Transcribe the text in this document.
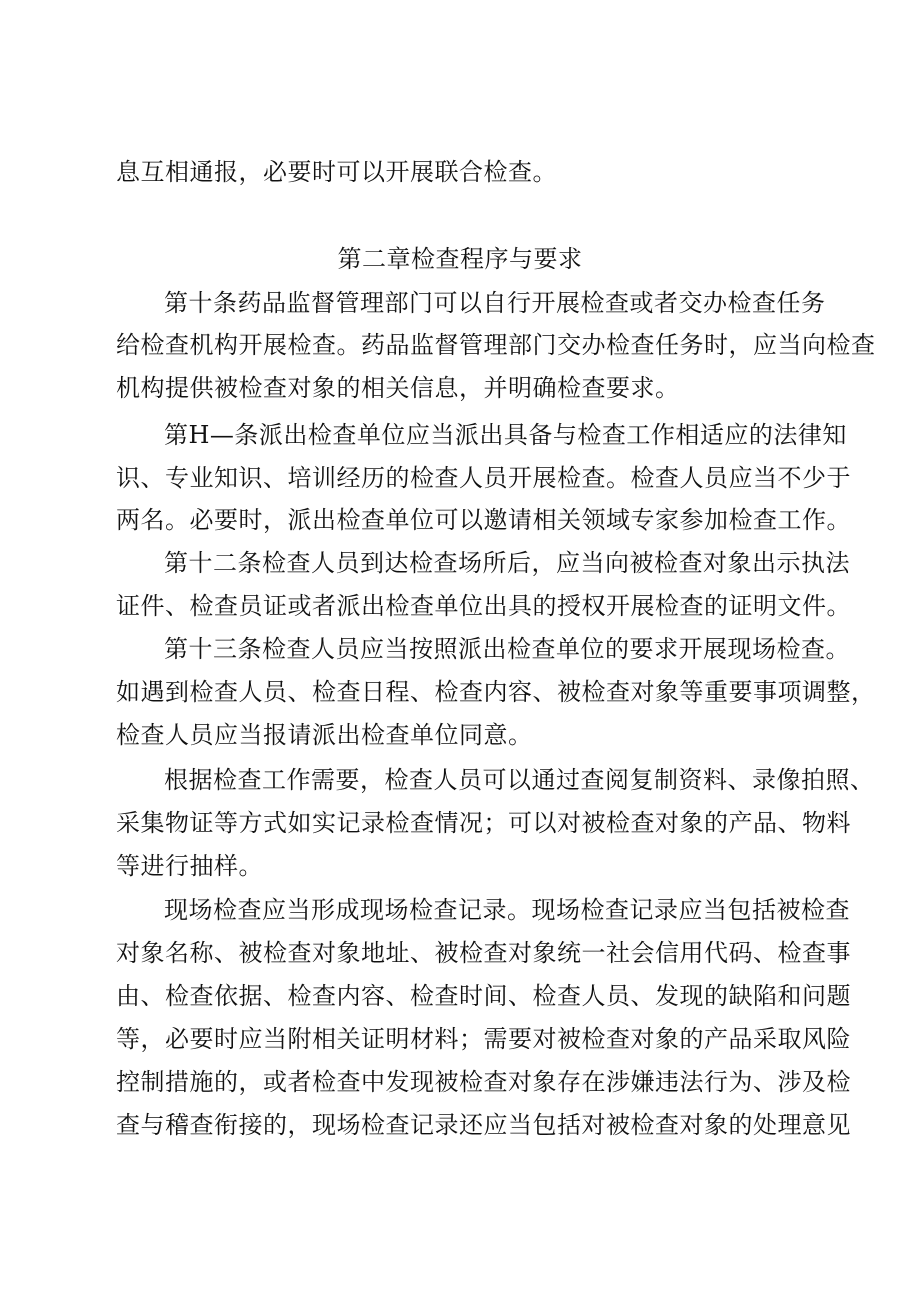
息互相通报，必要时可以开展联合检查。
第二章检查程序与要求
第十条药品监督管理部门可以自行开展检查或者交办检查任务
给检查机构开展检查。药品监督管理部门交办检查任务时，应当向检查
机构提供被检查对象的相关信息，并明确检查要求。
第H—条派出检查单位应当派出具备与检查工作相适应的法律知
识、专业知识、培训经历的检查人员开展检查。检查人员应当不少于
两名。必要时，派出检查单位可以邀请相关领域专家参加检查工作。
第十二条检查人员到达检查场所后，应当向被检查对象出示执法
证件、检查员证或者派出检查单位出具的授权开展检查的证明文件。
第十三条检查人员应当按照派出检查单位的要求开展现场检查。
如遇到检查人员、检查日程、检查内容、被检查对象等重要事项调整，
检查人员应当报请派出检查单位同意。
根据检查工作需要，检查人员可以通过查阅复制资料、录像拍照、
采集物证等方式如实记录检查情况；可以对被检查对象的产品、物料
等进行抽样。
现场检查应当形成现场检查记录。现场检查记录应当包括被检查
对象名称、被检查对象地址、被检查对象统一社会信用代码、检查事
由、检查依据、检查内容、检查时间、检查人员、发现的缺陷和问题
等，必要时应当附相关证明材料；需要对被检查对象的产品采取风险
控制措施的，或者检查中发现被检查对象存在涉嫌违法行为、涉及检
查与稽查衔接的，现场检查记录还应当包括对被检查对象的处理意见
